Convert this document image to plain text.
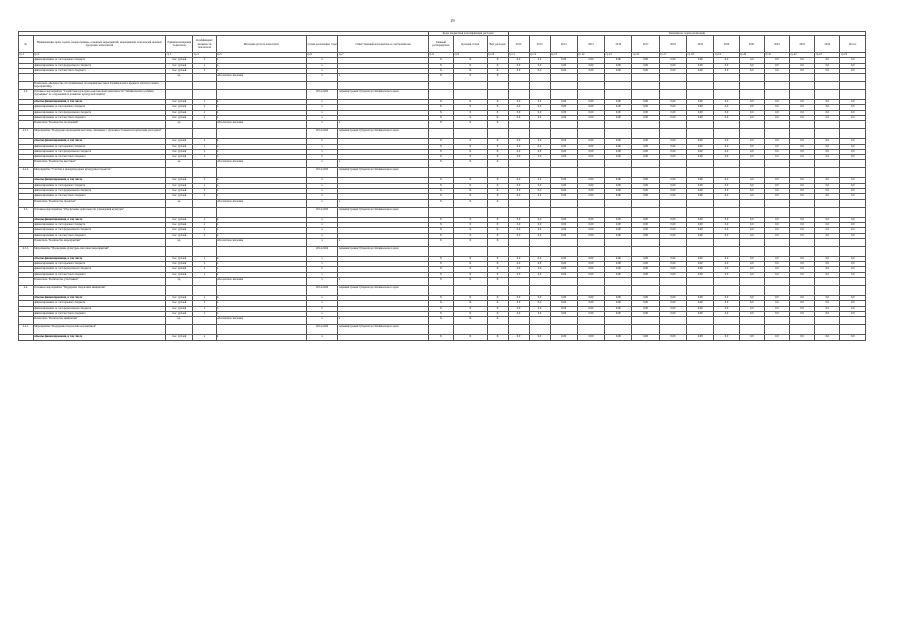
29
							Коды бюджетной классификации расходов			Значения по годам реализации													
№	Наименование цели, задачи, подпрограммы, основных мероприятий, мероприятий, показателей целевых программ, показателей	Единица измерения показателя	Коэффициент значимости показателя	Методика расчета показателя	Сроки реализации, годы	Ответственный исполнитель и соисполнители	Главный распорядитель	Целевая статья	Вид расходов	2012	2013	2014	2015	2016	2017	2018	2019	2020	2021	2022	2023	2024	Итого
гр.1	гр.2	гр.3	гр.4	гр.5	гр.6	гр.7	гр.8	гр.9	гр.10	гр.11	гр.12	гр.13	гр.14	гр.15	гр.16	гр.17	гр.18	гр.19	гр.20	гр.21	гр.22	гр.23	гр.24
	финансирование за счет краевого бюджета	тыс. рублей	х	х	х		Х	Х	Х	0,0	0,0	0,00	0,00	0,00	0,00	0,00	0,00	0,0	0,0	0,0	0,0	0,0	0,0
	финансирование за счет федерального бюджета	тыс. рублей	х	х	х		Х	Х	Х	0,0	0,0	0,00	0,00	0,00	0,00	0,00	0,00	0,0	0,0	0,0	0,0	0,0	0,0
	финансирование за счет местного бюджета	тыс. рублей	х	х	х		Х	Х	Х	0,0	0,0	0,00	0,00	0,00	0,00	0,00	0,00	0,0	0,0	0,0	0,0	0,0	0,0
		ед.		Абсолютное значение	х	х	Х	Х	Х														
	Показатель «Количество обслуживаемых посещений выставок Забайкальского краевого музея (в рамках мероприятий)»																						
4.2.	Основное мероприятие "Содействие культурно-выставочной деятельности "Забайкальского ребёнка художника" по сохранению и развитию культурной памяти"				2014-2024	Администрация Губернатора Забайкальского края																	
	объемы финансирования, в том числе	тыс. рублей	х	х	х		Х	Х	Х	0,0	0,0	0,00	0,00	0,00	0,00	0,00	0,00	0,0	0,0	0,0	0,0	0,0	0,0
	финансирование за счет краевого бюджета	тыс. рублей	х	х	х		Х	Х	Х	0,0	0,0	0,00	0,00	0,00	0,00	0,00	0,00	0,0	0,0	0,0	0,0	0,0	0,0
	финансирование за счет федерального бюджета	тыс. рублей	х	х	х		Х	Х	Х	0,0	0,0	0,00	0,00	0,00	0,00	0,00	0,00	0,0	0,0	0,0	0,0	0,0	0,0
	финансирование за счет местного бюджета	тыс. рублей	х	х	х		Х	Х	Х	0,0	0,0	0,00	0,00	0,00	0,00	0,00	0,00	0,0	0,0	0,0	0,0	0,0	0,0
	Показатель "Количество посещений"	ед.		Абсолютное значение	х	х	Х	Х	Х														
4.2.1.	Мероприятие "Поддержка проведения выставок, связанных с Дальневосточным историческим наследием"				2014-2024	Администрация Губернатора Забайкальского края																	
	объемы финансирования, в том числе	тыс. рублей	х	х	х		Х	Х	Х	0,0	0,0	0,00	0,00	0,00	0,00	0,00	0,00	0,0	0,0	0,0	0,0	0,0	0,0
	финансирование за счет краевого бюджета	тыс. рублей	х	х	х		Х	Х	Х	0,0	0,0	0,00	0,00	0,00	0,00	0,00	0,00	0,0	0,0	0,0	0,0	0,0	0,0
	финансирование за счет федерального бюджета	тыс. рублей	х	х	х		Х	Х	Х	0,0	0,0	0,00	0,00	0,00	0,00	0,00	0,00	0,0	0,0	0,0	0,0	0,0	0,0
	финансирование за счет местного бюджета	тыс. рублей	х	х	х		Х	Х	Х	0,0	0,0	0,00	0,00	0,00	0,00	0,00	0,00	0,0	0,0	0,0	0,0	0,0	0,0
	Показатель "Количество выставок"	ед.		Абсолютное значение	х	х	Х	Х	Х														
4.2.2.	Мероприятие "Участие в международных культурных проектах"				2014-2024	Администрация Губернатора Забайкальского края																	
	объемы финансирования, в том числе	тыс. рублей	х	х	х		Х	Х	Х	0,0	0,0	0,00	0,00	0,00	0,00	0,00	0,00	0,0	0,0	0,0	0,0	0,0	0,0
	финансирование за счет краевого бюджета	тыс. рублей	х	х	х		Х	Х	Х	0,0	0,0	0,00	0,00	0,00	0,00	0,00	0,00	0,0	0,0	0,0	0,0	0,0	0,0
	финансирование за счет федерального бюджета	тыс. рублей	х	х	х		Х	Х	Х	0,0	0,0	0,00	0,00	0,00	0,00	0,00	0,00	0,0	0,0	0,0	0,0	0,0	0,0
	финансирование за счет местного бюджета	тыс. рублей	х	х	х		Х	Х	Х	0,0	0,0	0,00	0,00	0,00	0,00	0,00	0,00	0,0	0,0	0,0	0,0	0,0	0,0
	Показатель "Количество проектов"	ед.		Абсолютное значение	х	х	Х	Х	Х														
4.3.	Основное мероприятие "Обеспечение деятельности учреждений культуры"				2014-2024	Администрация Губернатора Забайкальского края																	
	объемы финансирования, в том числе	тыс. рублей	х	х	х		Х	Х	Х	0,0	0,0	0,00	0,00	0,00	0,00	0,00	0,00	0,0	0,0	0,0	0,0	0,0	0,0
	финансирование за счет краевого бюджета	тыс. рублей	х	х	х		Х	Х	Х	0,0	0,0	0,00	0,00	0,00	0,00	0,00	0,00	0,0	0,0	0,0	0,0	0,0	0,0
	финансирование за счет федерального бюджета	тыс. рублей	х	х	х		Х	Х	Х	0,0	0,0	0,00	0,00	0,00	0,00	0,00	0,00	0,0	0,0	0,0	0,0	0,0	0,0
	финансирование за счет местного бюджета	тыс. рублей	х	х	х		Х	Х	Х	0,0	0,0	0,00	0,00	0,00	0,00	0,00	0,00	0,0	0,0	0,0	0,0	0,0	0,0
	Показатель "Количество мероприятий"	ед.		Абсолютное значение	х	х	Х	Х	Х														
4.3.1.	Мероприятие "Проведение культурно-массовых мероприятий"				2014-2024	Администрация Губернатора Забайкальского края																	
	объемы финансирования, в том числе	тыс. рублей	х	х	х		Х	Х	Х	0,0	0,0	0,00	0,00	0,00	0,00	0,00	0,00	0,0	0,0	0,0	0,0	0,0	0,0
	финансирование за счет краевого бюджета	тыс. рублей	х	х	х		Х	Х	Х	0,0	0,0	0,00	0,00	0,00	0,00	0,00	0,00	0,0	0,0	0,0	0,0	0,0	0,0
	финансирование за счет федерального бюджета	тыс. рублей	х	х	х		Х	Х	Х	0,0	0,0	0,00	0,00	0,00	0,00	0,00	0,00	0,0	0,0	0,0	0,0	0,0	0,0
	финансирование за счет местного бюджета	тыс. рублей	х	х	х		Х	Х	Х	0,0	0,0	0,00	0,00	0,00	0,00	0,00	0,00	0,0	0,0	0,0	0,0	0,0	0,0
	Показатель "Количество участников"	ед.		Абсолютное значение	х	х	Х	Х	Х														
4.4.	Основное мероприятие "Поддержка творческих инициатив"				2014-2024	Администрация Губернатора Забайкальского края																	
	объемы финансирования, в том числе	тыс. рублей	х	х	х		Х	Х	Х	0,0	0,0	0,00	0,00	0,00	0,00	0,00	0,00	0,0	0,0	0,0	0,0	0,0	0,0
	финансирование за счет краевого бюджета	тыс. рублей	х	х	х		Х	Х	Х	0,0	0,0	0,00	0,00	0,00	0,00	0,00	0,00	0,0	0,0	0,0	0,0	0,0	0,0
	финансирование за счет федерального бюджета	тыс. рублей	х	х	х		Х	Х	Х	0,0	0,0	0,00	0,00	0,00	0,00	0,00	0,00	0,0	0,0	0,0	0,0	0,0	0,0
	финансирование за счет местного бюджета	тыс. рублей	х	х	х		Х	Х	Х	0,0	0,0	0,00	0,00	0,00	0,00	0,00	0,00	0,0	0,0	0,0	0,0	0,0	0,0
	Показатель "Количество инициатив"	ед.		Абсолютное значение	х	х	Х	Х	Х														
4.4.1.	Мероприятие "Поддержка творческих коллективов"				2014-2024	Администрация Губернатора Забайкальского края																	
	объемы финансирования, в том числе	тыс. рублей	х	х	х		Х	Х	Х	0,0	0,0	0,00	0,00	0,00	0,00	0,00	0,00	0,0	0,0	0,0	0,0	0,0	0,0
